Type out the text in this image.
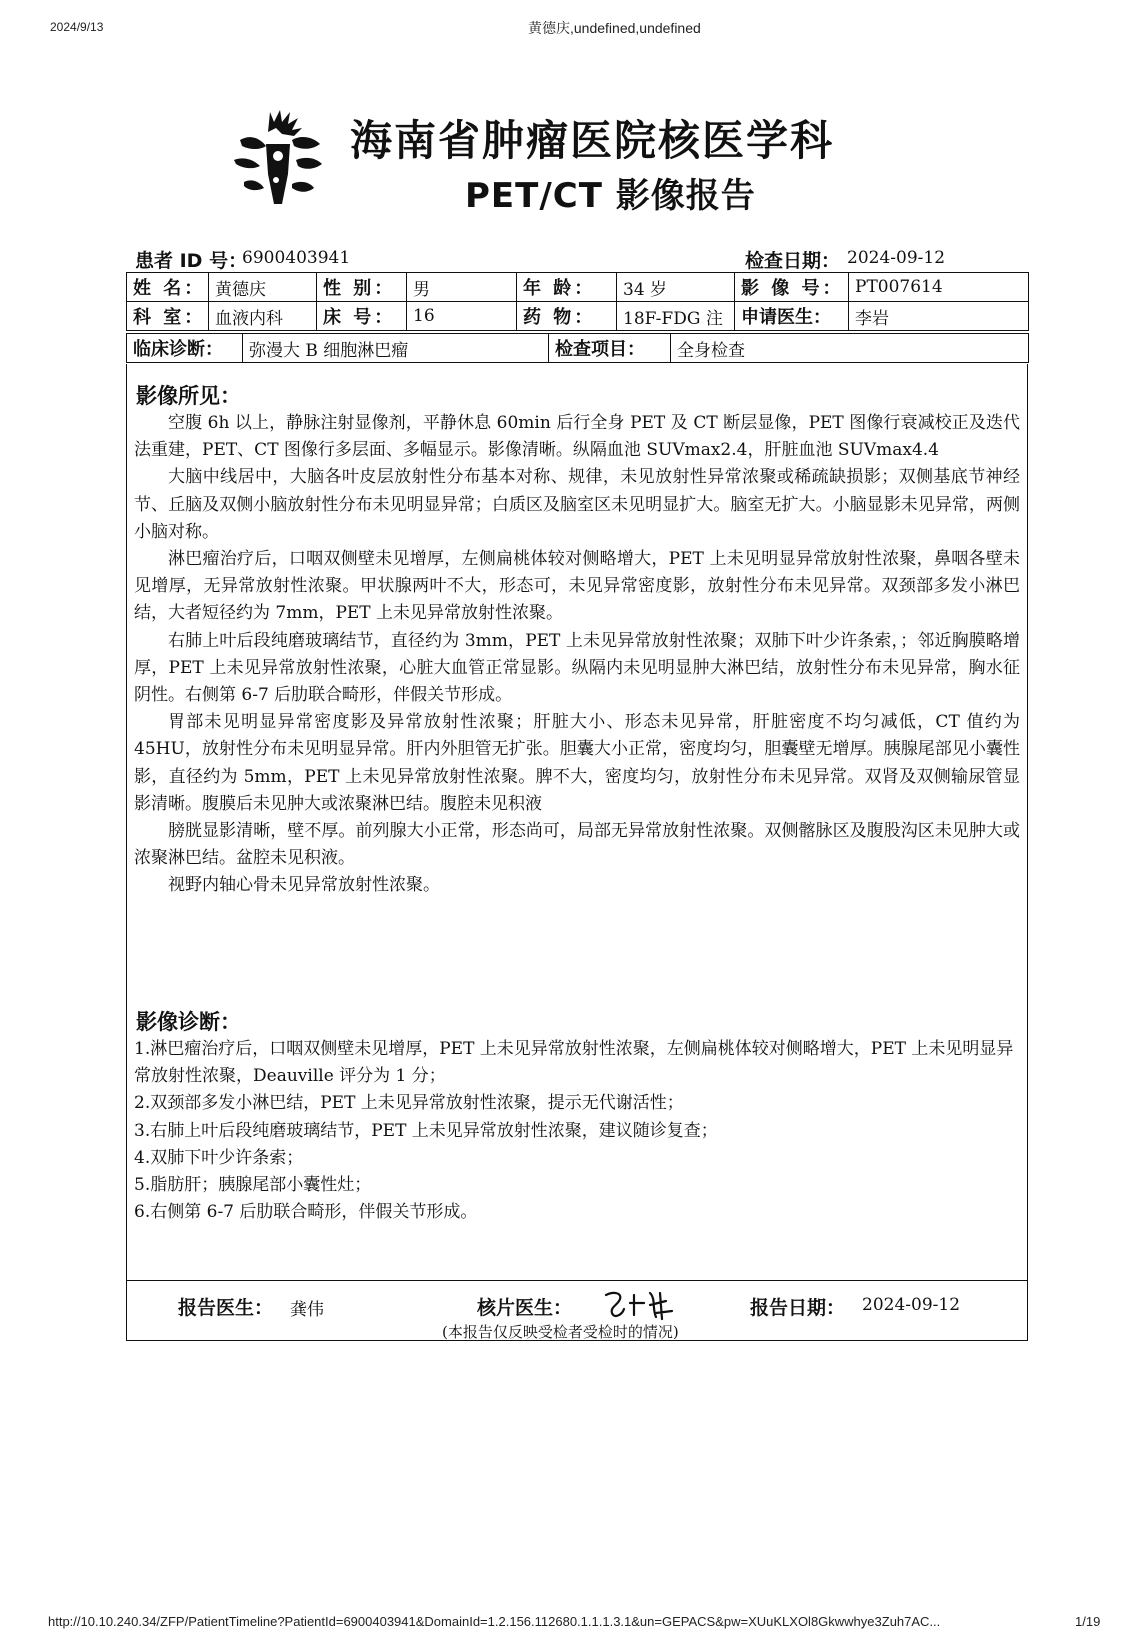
2024/9/13	黄德庆,undefined,undefined
海南省肿瘤医院核医学科
PET/CT 影像报告
患者 ID 号：
6900403941	检查日期： 2024-09-12
姓 名：	黄德庆	性 别：	男	年 龄：	34 岁	影 像 号：	PT007614
科 室：	血液内科	床 号：	16	药 物：	18F-FDG 注	申请医生：	李岩
临床诊断：	弥漫大 B 细胞淋巴瘤	检查项目：	全身检查
影像所见：

空腹 6h 以上，静脉注射显像剂，平静休息 60min 后行全身 PET 及 CT 断层显像，PET 图像行衰减校正及迭代法重建，PET、CT 图像行多层面、多幅显示。影像清晰。纵隔血池 SUVmax2.4，肝脏血池 SUVmax4.4

大脑中线居中，大脑各叶皮层放射性分布基本对称、规律，未见放射性异常浓聚或稀疏缺损影；双侧基底节神经节、丘脑及双侧小脑放射性分布未见明显异常；白质区及脑室区未见明显扩大。脑室无扩大。小脑显影未见异常，两侧小脑对称。

淋巴瘤治疗后，口咽双侧壁未见增厚，左侧扁桃体较对侧略增大，PET 上未见明显异常放射性浓聚，鼻咽各壁未见增厚，无异常放射性浓聚。甲状腺两叶不大，形态可，未见异常密度影，放射性分布未见异常。双颈部多发小淋巴结，大者短径约为 7mm，PET 上未见异常放射性浓聚。

右肺上叶后段纯磨玻璃结节，直径约为 3mm，PET 上未见异常放射性浓聚；双肺下叶少许条索，；邻近胸膜略增厚，PET 上未见异常放射性浓聚，心脏大血管正常显影。纵隔内未见明显肿大淋巴结，放射性分布未见异常，胸水征阴性。右侧第 6-7 后肋联合畸形，伴假关节形成。

胃部未见明显异常密度影及异常放射性浓聚；肝脏大小、形态未见异常，肝脏密度不均匀减低，CT 值约为 45HU，放射性分布未见明显异常。肝内外胆管无扩张。胆囊大小正常，密度均匀，胆囊壁无增厚。胰腺尾部见小囊性影，直径约为 5mm，PET 上未见异常放射性浓聚。脾不大，密度均匀，放射性分布未见异常。双肾及双侧输尿管显影清晰。腹膜后未见肿大或浓聚淋巴结。腹腔未见积液

膀胱显影清晰，壁不厚。前列腺大小正常，形态尚可，局部无异常放射性浓聚。双侧髂脉区及腹股沟区未见肿大或浓聚淋巴结。盆腔未见积液。

视野内轴心骨未见异常放射性浓聚。

影像诊断：

1.淋巴瘤治疗后，口咽双侧壁未见增厚，PET 上未见异常放射性浓聚，左侧扁桃体较对侧略增大，PET 上未见明显异常放射性浓聚，Deauville 评分为 1 分；

2.双颈部多发小淋巴结，PET 上未见异常放射性浓聚，提示无代谢活性；

3.右肺上叶后段纯磨玻璃结节，PET 上未见异常放射性浓聚，建议随诊复查；

4.双肺下叶少许条索；

5.脂肪肝；胰腺尾部小囊性灶；

6.右侧第 6-7 后肋联合畸形，伴假关节形成。

报告医生： 龚伟	核片医生：	报告日期： 2024-09-12
(本报告仅反映受检者受检时的情况)
http://10.10.240.34/ZFP/PatientTimeline?PatientId=6900403941&DomainId=1.2.156.112680.1.1.1.3.1&un=GEPACS&pw=XUuKLXOl8Gkwwhye3Zuh7AC...	1/19
